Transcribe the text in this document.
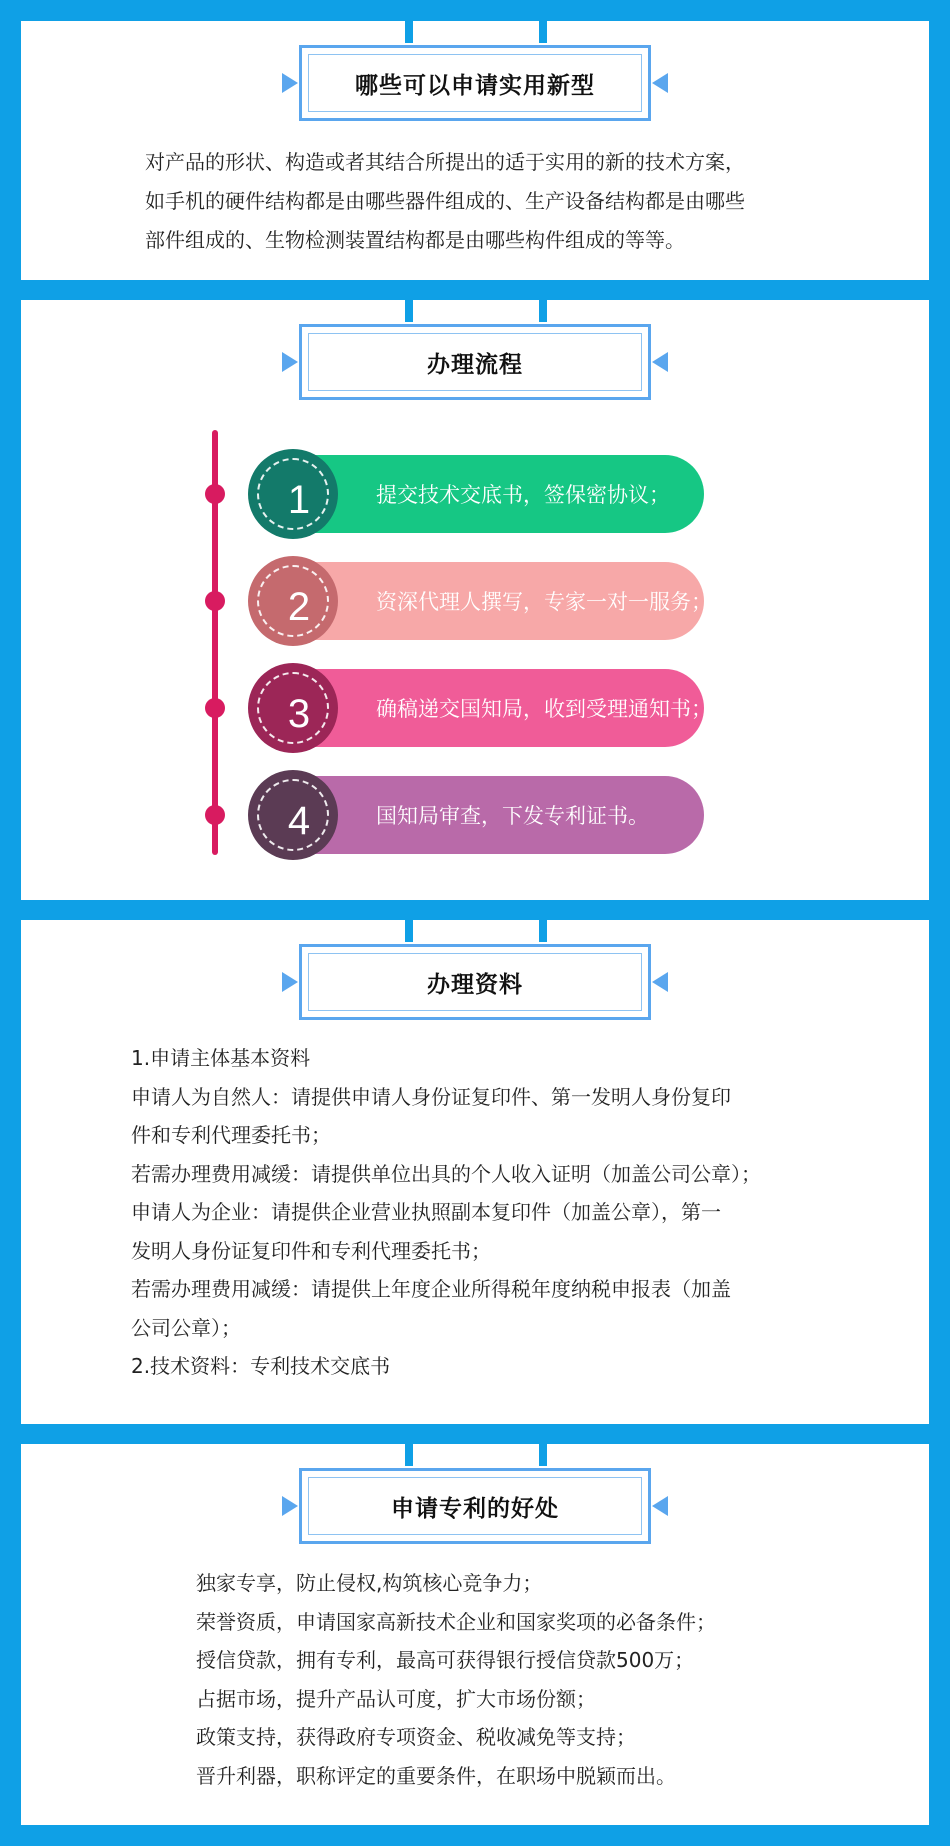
哪些可以申请实用新型
对产品的形状、构造或者其结合所提出的适于实用的新的技术方案，
如手机的硬件结构都是由哪些器件组成的、生产设备结构都是由哪些
部件组成的、生物检测装置结构都是由哪些构件组成的等等。
办理流程
1	提交技术交底书，签保密协议；
2	资深代理人撰写，专家一对一服务；
3	确稿递交国知局，收到受理通知书；
4	国知局审查，下发专利证书。
办理资料
1.申请主体基本资料
申请人为自然人：请提供申请人身份证复印件、第一发明人身份复印
件和专利代理委托书；
若需办理费用减缓：请提供单位出具的个人收入证明（加盖公司公章）；
申请人为企业：请提供企业营业执照副本复印件（加盖公章），第一
发明人身份证复印件和专利代理委托书；
若需办理费用减缓：请提供上年度企业所得税年度纳税申报表（加盖
公司公章）；
2.技术资料：专利技术交底书
申请专利的好处
独家专享，防止侵权,构筑核心竞争力；
荣誉资质，申请国家高新技术企业和国家奖项的必备条件；
授信贷款，拥有专利，最高可获得银行授信贷款500万；
占据市场，提升产品认可度，扩大市场份额；
政策支持，获得政府专项资金、税收减免等支持；
晋升利器，职称评定的重要条件，在职场中脱颖而出。
